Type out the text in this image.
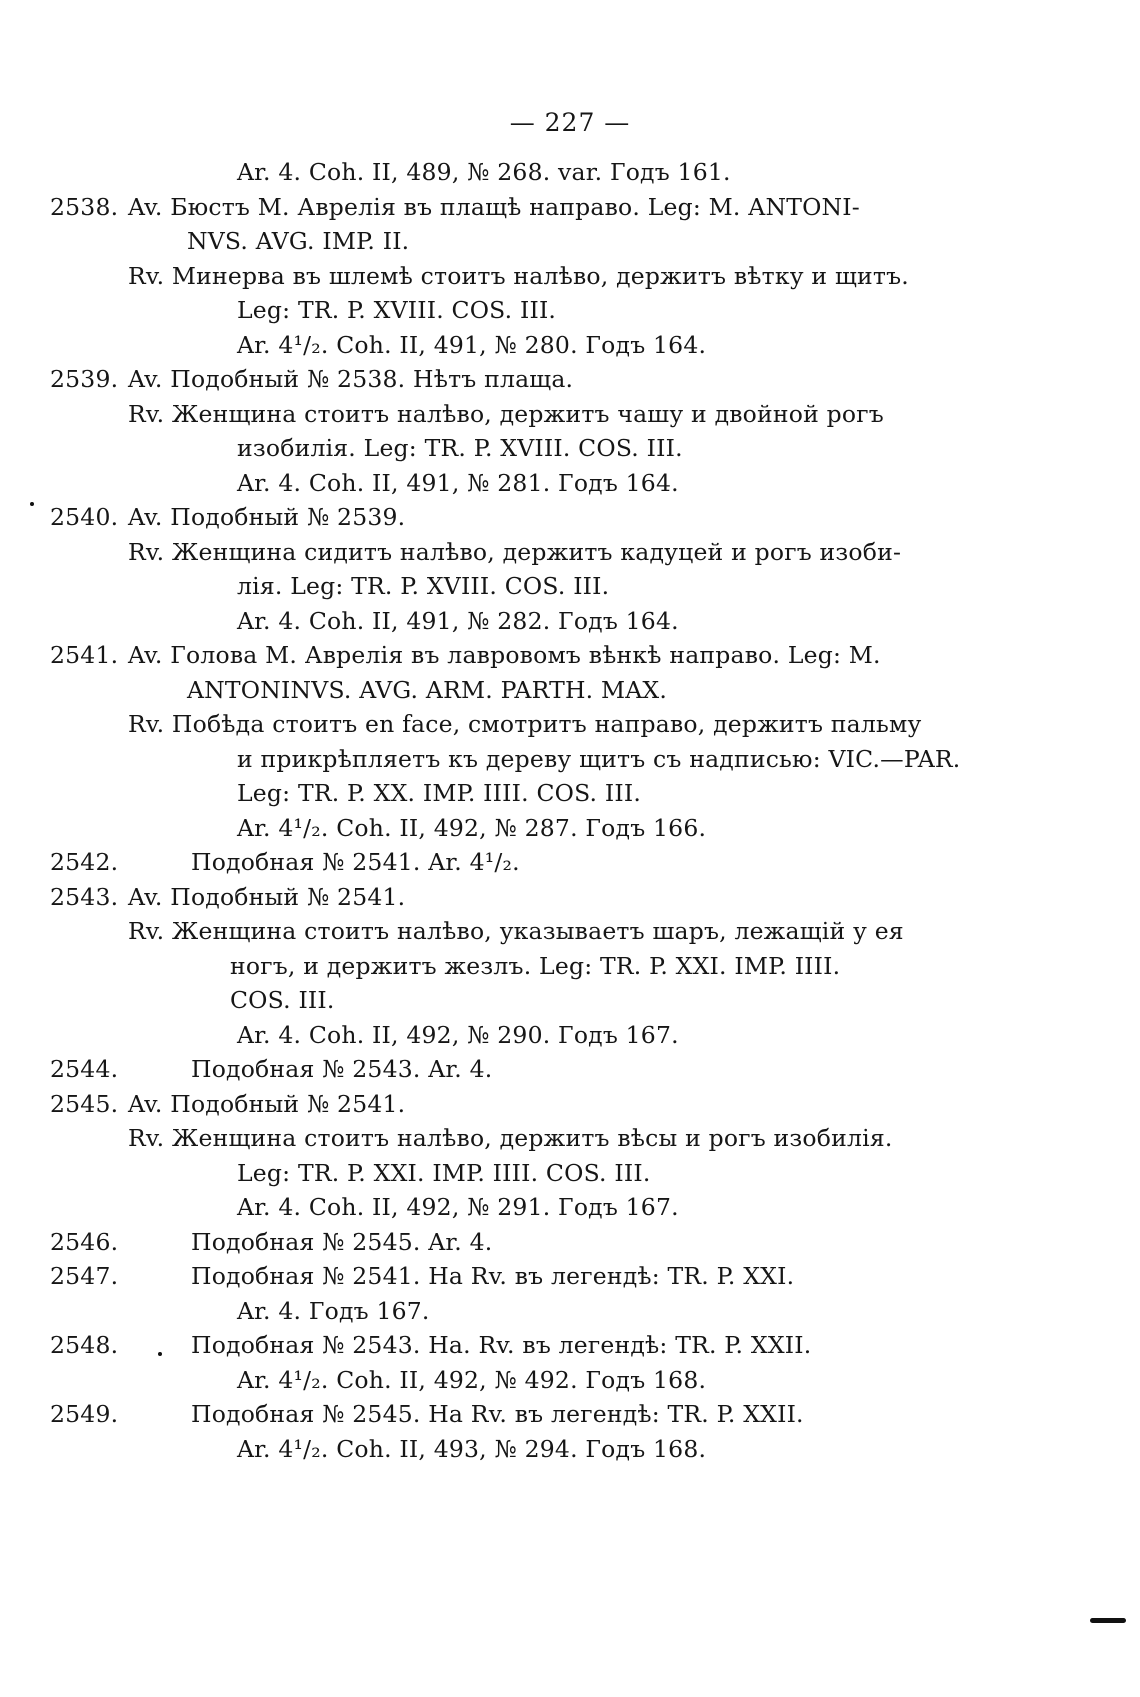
— 227 —
Ar. 4. Coh. II, 489, № 268. var. Годъ 161.
2538. Av. Бюстъ M. Аврелія въ плащѣ направо. Leg: M. ANTONI-
NVS. AVG. IMP. II.
Rv. Минерва въ шлемѣ стоитъ налѣво, держитъ вѣтку и щитъ.
Leg: TR. P. XVIII. COS. III.
Ar. 4¹/₂. Coh. II, 491, № 280. Годъ 164.
2539. Av. Подобный № 2538. Нѣтъ плаща.
Rv. Женщина стоитъ налѣво, держитъ чашу и двойной рогъ
изобилія. Leg: TR. P. XVIII. COS. III.
Ar. 4. Coh. II, 491, № 281. Годъ 164.
2540. Av. Подобный № 2539.
Rv. Женщина сидитъ налѣво, держитъ кадуцей и рогъ изоби-
лія. Leg: TR. P. XVIII. COS. III.
Ar. 4. Coh. II, 491, № 282. Годъ 164.
2541. Av. Голова M. Аврелія въ лавровомъ вѣнкѣ направо. Leg: M.
ANTONINVS. AVG. ARM. PARTH. MAX.
Rv. Побѣда стоитъ en face, смотритъ направо, держитъ пальму
и прикрѣпляетъ къ дереву щитъ съ надписью: VIC.—PAR.
Leg: TR. P. XX. IMP. IIII. COS. III.
Ar. 4¹/₂. Coh. II, 492, № 287. Годъ 166.
2542.	Подобная № 2541. Ar. 4¹/₂.
2543. Av. Подобный № 2541.
Rv. Женщина стоитъ налѣво, указываетъ шаръ, лежащій у ея
ногъ, и держитъ жезлъ. Leg: TR. P. XXI. IMP. IIII.
COS. III.
Ar. 4. Coh. II, 492, № 290. Годъ 167.
2544.	Подобная № 2543. Ar. 4.
2545. Av. Подобный № 2541.
Rv. Женщина стоитъ налѣво, держитъ вѣсы и рогъ изобилія.
Leg: TR. P. XXI. IMP. IIII. COS. III.
Ar. 4. Coh. II, 492, № 291. Годъ 167.
2546.	Подобная № 2545. Ar. 4.
2547.	Подобная № 2541. На Rv. въ легендѣ: TR. P. XXI.
Ar. 4. Годъ 167.
2548.	Подобная № 2543. На. Rv. въ легендѣ: TR. P. XXII.
Ar. 4¹/₂. Coh. II, 492, № 492. Годъ 168.
2549.	Подобная № 2545. На Rv. въ легендѣ: TR. P. XXII.
Ar. 4¹/₂. Coh. II, 493, № 294. Годъ 168.
